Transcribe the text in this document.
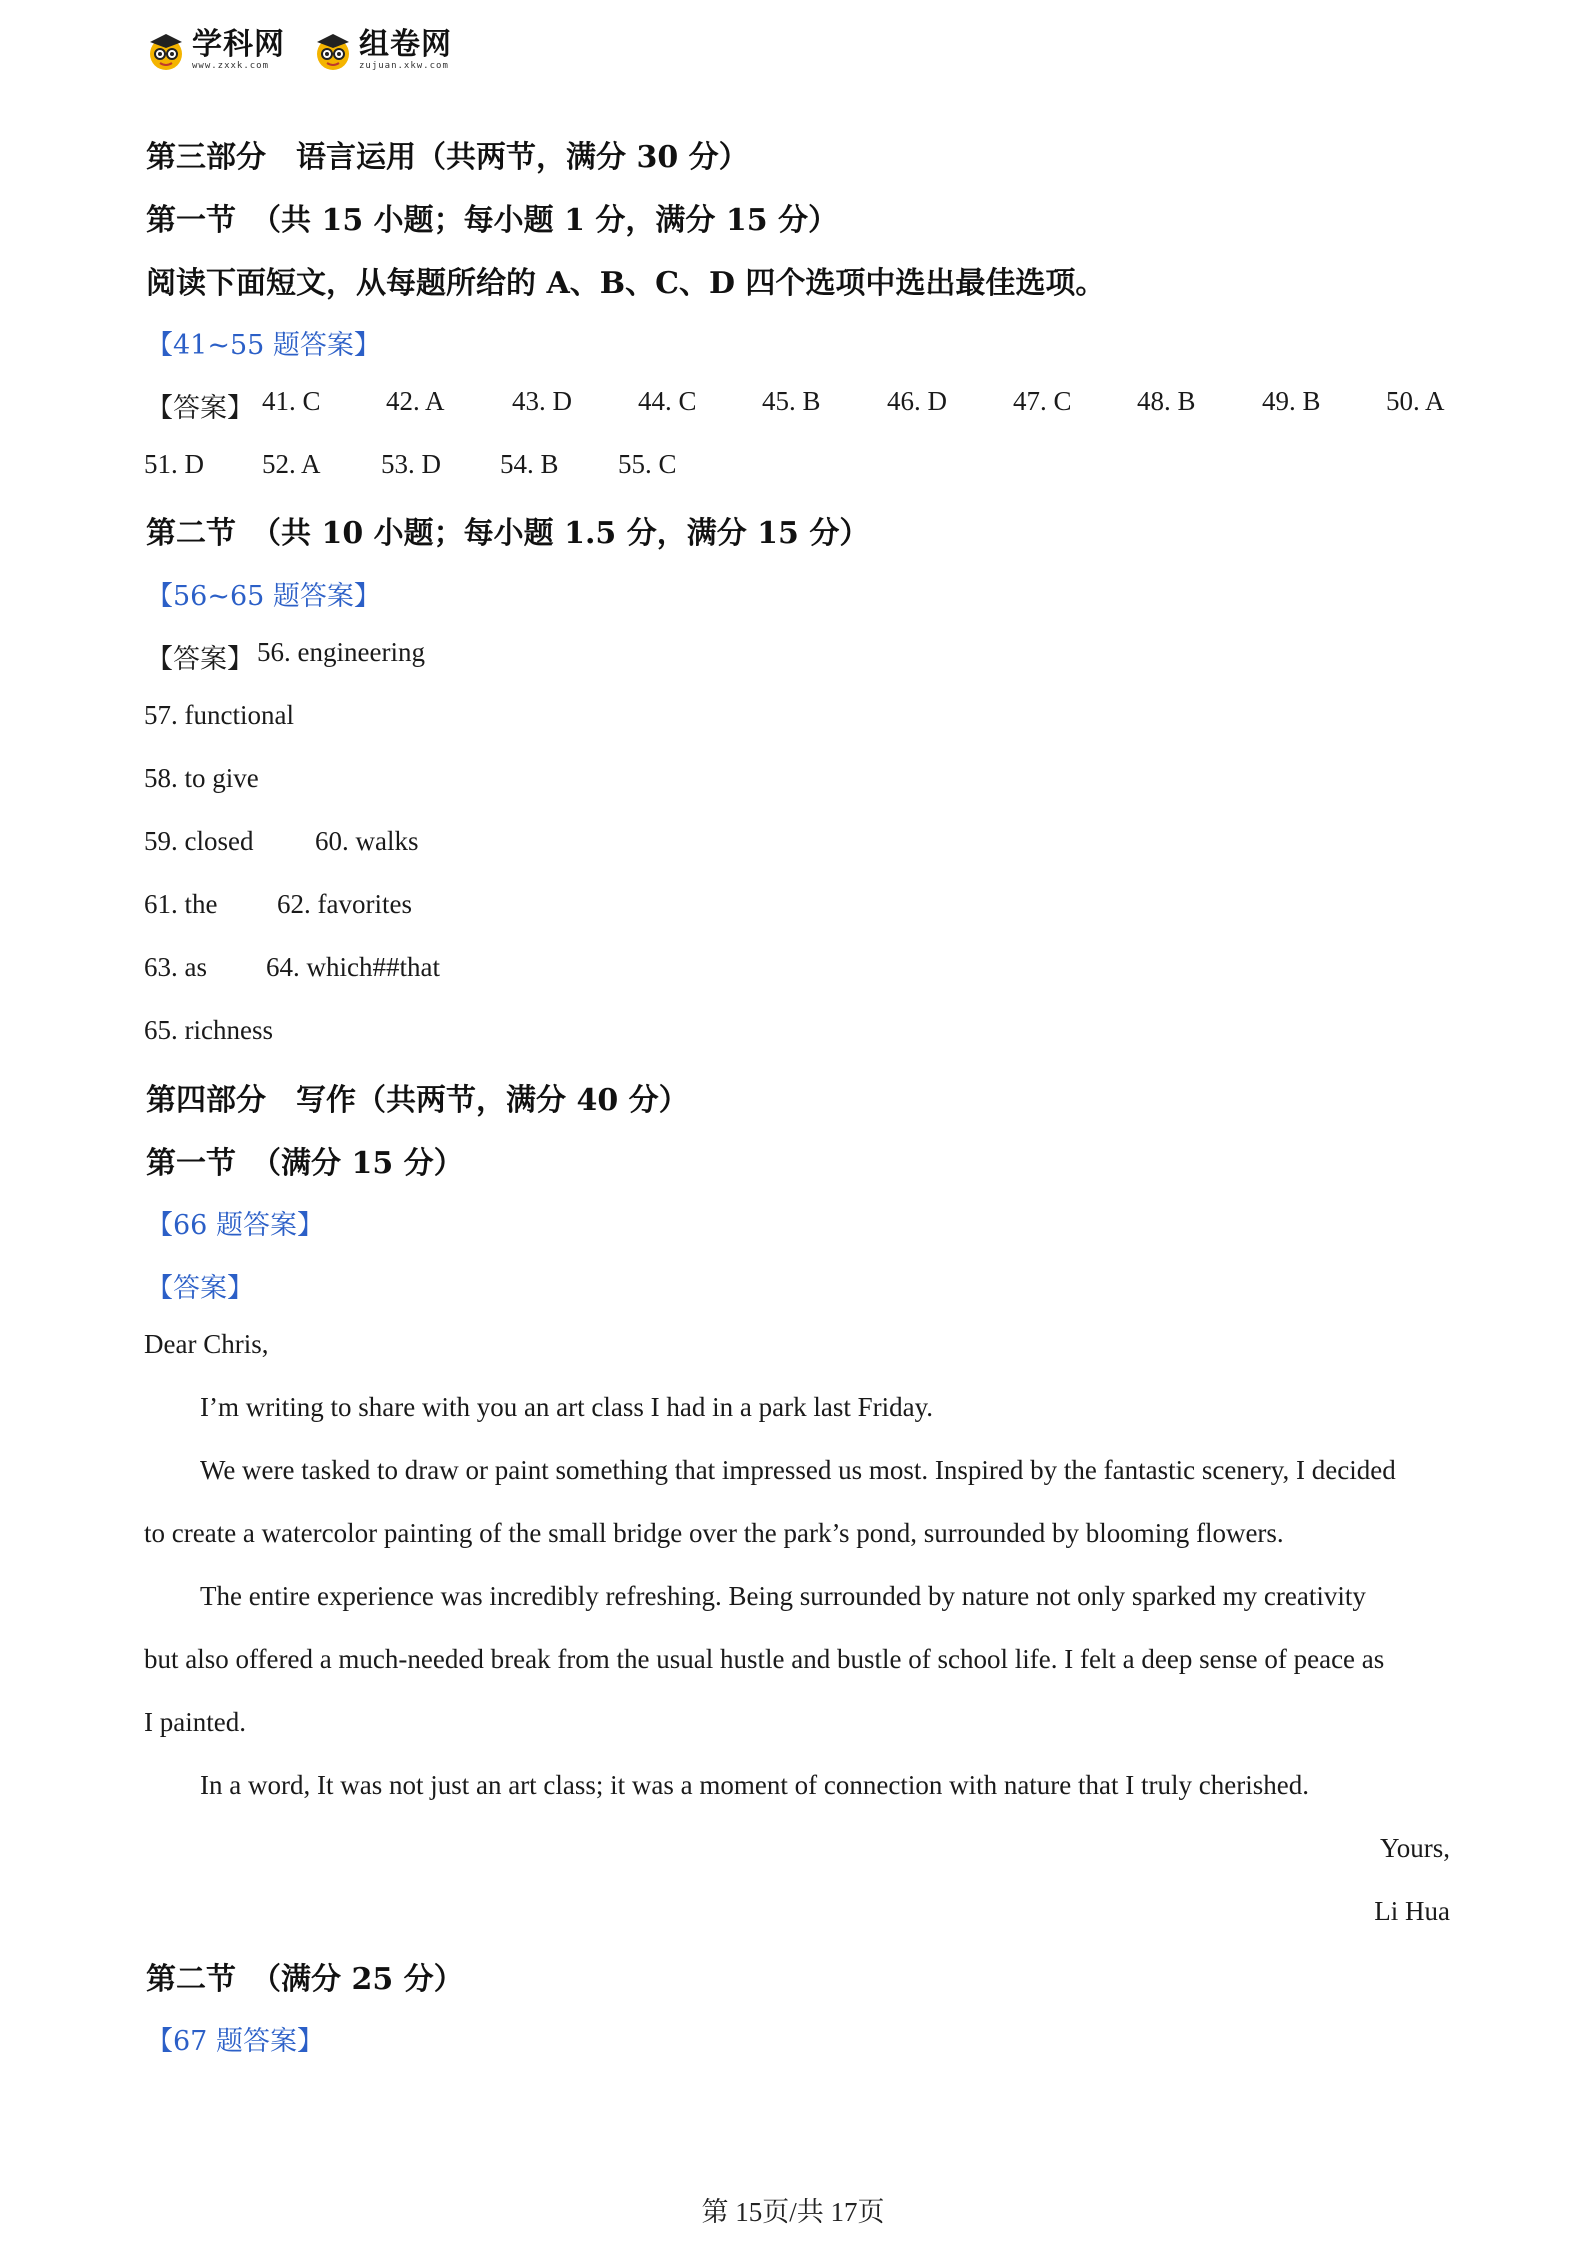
学科网
www.zxxk.com
组卷网
zujuan.xkw.com
第三部分　语言运用（共两节，满分 30 分）
第一节　（共 15 小题；每小题 1 分，满分 15 分）
阅读下面短文，从每题所给的 A、B、C、D 四个选项中选出最佳选项。
【41~55 题答案】
【答案】 41. C 42. A 43. D 44. C 45. B 46. D 47. C 48. B 49. B 50. A
51. D 52. A 53. D 54. B 55. C
第二节　（共 10 小题；每小题 1.5 分，满分 15 分）
【56~65 题答案】
【答案】 56. engineering
57. functional
58. to give
59. closed 60. walks
61. the 62. favorites
63. as 64. which##that
65. richness
第四部分　写作（共两节，满分 40 分）
第一节　（满分 15 分）
【66 题答案】
【答案】
Dear Chris,
I’m writing to share with you an art class I had in a park last Friday.
We were tasked to draw or paint something that impressed us most. Inspired by the fantastic scenery, I decided
to create a watercolor painting of the small bridge over the park’s pond, surrounded by blooming flowers.
The entire experience was incredibly refreshing. Being surrounded by nature not only sparked my creativity
but also offered a much-needed break from the usual hustle and bustle of school life. I felt a deep sense of peace as
I painted.
In a word, It was not just an art class; it was a moment of connection with nature that I truly cherished.
Yours,
Li Hua
第二节　（满分 25 分）
【67 题答案】
第 15页/共 17页
